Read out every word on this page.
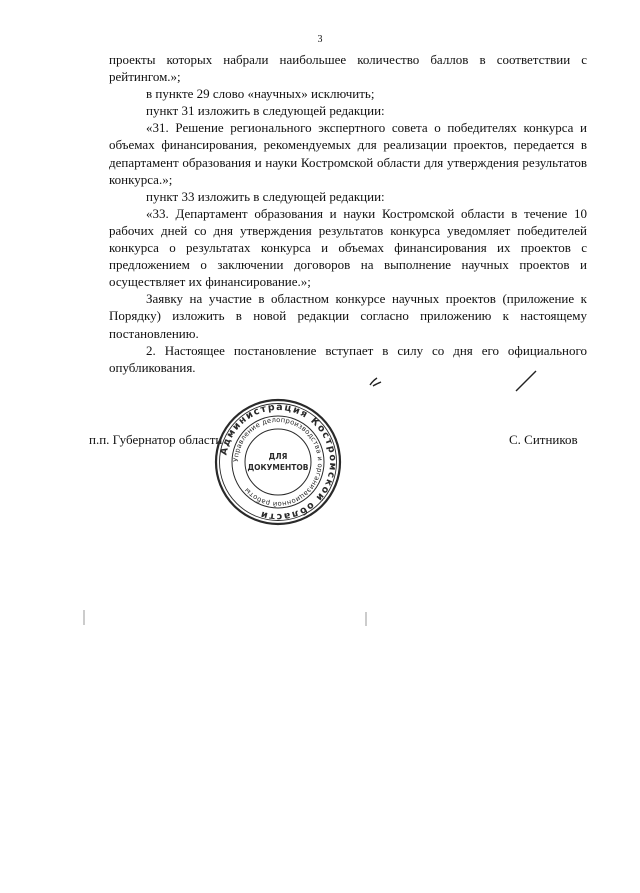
3

проекты которых набрали наибольшее количество баллов в соответствии с рейтингом.»;

в пункте 29 слово «научных» исключить;

пункт 31 изложить в следующей редакции:

«31. Решение регионального экспертного совета о победителях конкурса и объемах финансирования, рекомендуемых для реализации проектов, передается в департамент образования и науки Костромской области для утверждения результатов конкурса.»;

пункт 33 изложить в следующей редакции:

«33. Департамент образования и науки Костромской области в течение 10 рабочих дней со дня утверждения результатов конкурса уведомляет победителей конкурса о результатах конкурса и объемах финансирования их проектов с предложением о заключении договоров на выполнение научных проектов и осуществляет их финансирование.»;

Заявку на участие в областном конкурсе научных проектов (приложение к Порядку) изложить в новой редакции согласно приложению к настоящему постановлению.

2. Настоящее постановление вступает в силу со дня его официального опубликования.

п.п. Губернатор области	С. Ситников
Администрация Костромской области
Управление делопроизводства и организационной работы
ДЛЯ
ДОКУМЕНТОВ
